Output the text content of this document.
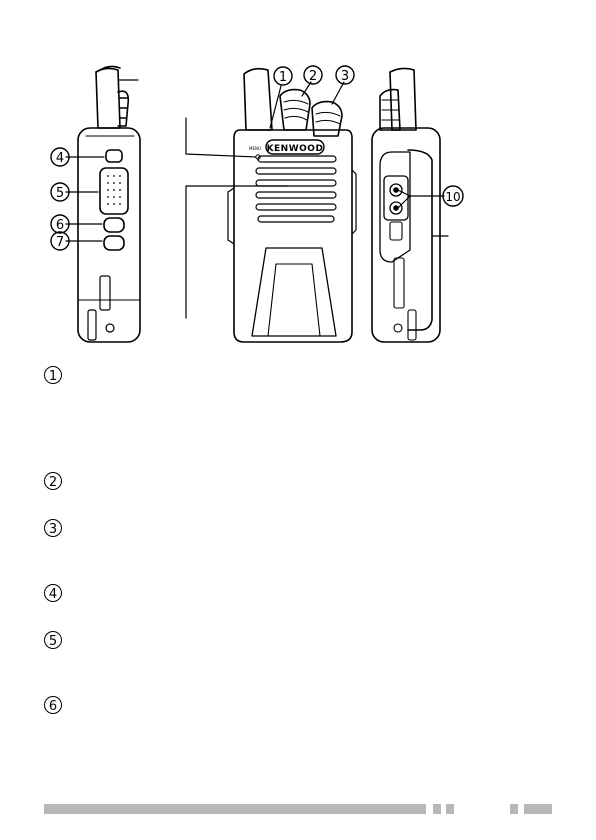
4
5
6
7
1 2 3
KENWOOD
MENU
10
1
2
3
4
5
6
